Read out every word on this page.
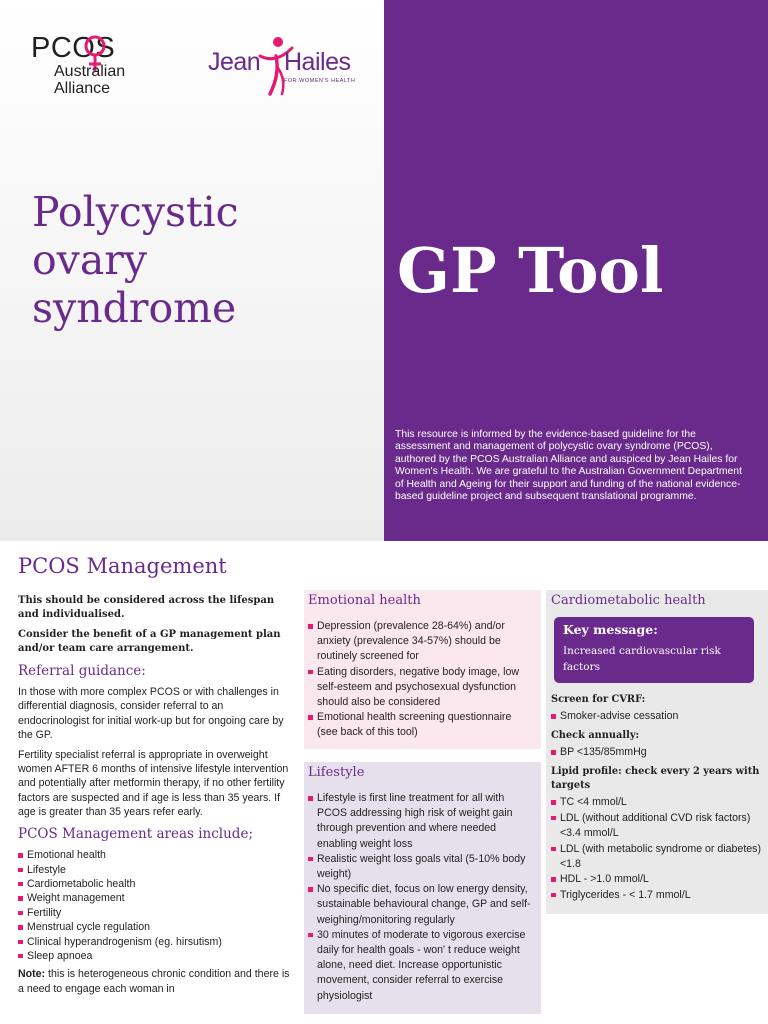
PCOS
Australian
Alliance
Jean Hailes
FOR WOMEN'S HEALTH
Polycystic
ovary
syndrome
GP Tool
This resource is informed by the evidence-based guideline for the assessment and management of polycystic ovary syndrome (PCOS), authored by the PCOS Australian Alliance and auspiced by Jean Hailes for Women's Health. We are grateful to the Australian Government Department of Health and Ageing for their support and funding of the national evidence-based guideline project and subsequent translational programme.
PCOS Management

This should be considered across the lifespan and individualised.

Consider the benefit of a GP management plan and/or team care arrangement.

Referral guidance:

In those with more complex PCOS or with challenges in differential diagnosis, consider referral to an endocrinologist for initial work-up but for ongoing care by the GP.

Fertility specialist referral is appropriate in overweight women AFTER 6 months of intensive lifestyle intervention and potentially after metformin therapy, if no other fertility factors are suspected and if age is less than 35 years. If age is greater than 35 years refer early.

PCOS Management areas include;
Emotional health
Lifestyle
Cardiometabolic health
Weight management
Fertility
Menstrual cycle regulation
Clinical hyperandrogenism (eg. hirsutism)
Sleep apnoea

Note: this is heterogeneous chronic condition and there is a need to engage each woman in

Emotional health
Depression (prevalence 28-64%) and/or anxiety (prevalence 34-57%) should be routinely screened for
Eating disorders, negative body image, low self-esteem and psychosexual dysfunction should also be considered
Emotional health screening questionnaire (see back of this tool)
Lifestyle
Lifestyle is first line treatment for all with PCOS addressing high risk of weight gain through prevention and where needed enabling weight loss
Realistic weight loss goals vital (5-10% body weight)
No specific diet, focus on low energy density, sustainable behavioural change, GP and self-weighing/monitoring regularly
30 minutes of moderate to vigorous exercise daily for health goals - won' t reduce weight alone, need diet. Increase opportunistic movement, consider referral to exercise physiologist
Cardiometabolic health
Key message:
Increased cardiovascular risk factors
Screen for CVRF:
Smoker-advise cessation
Check annually:
BP <135/85mmHg
Lipid profile: check every 2 years with targets
TC <4 mmol/L
LDL (without additional CVD risk factors) <3.4 mmol/L
LDL (with metabolic syndrome or diabetes) <1.8
HDL - >1.0 mmol/L
Triglycerides - < 1.7 mmol/L
